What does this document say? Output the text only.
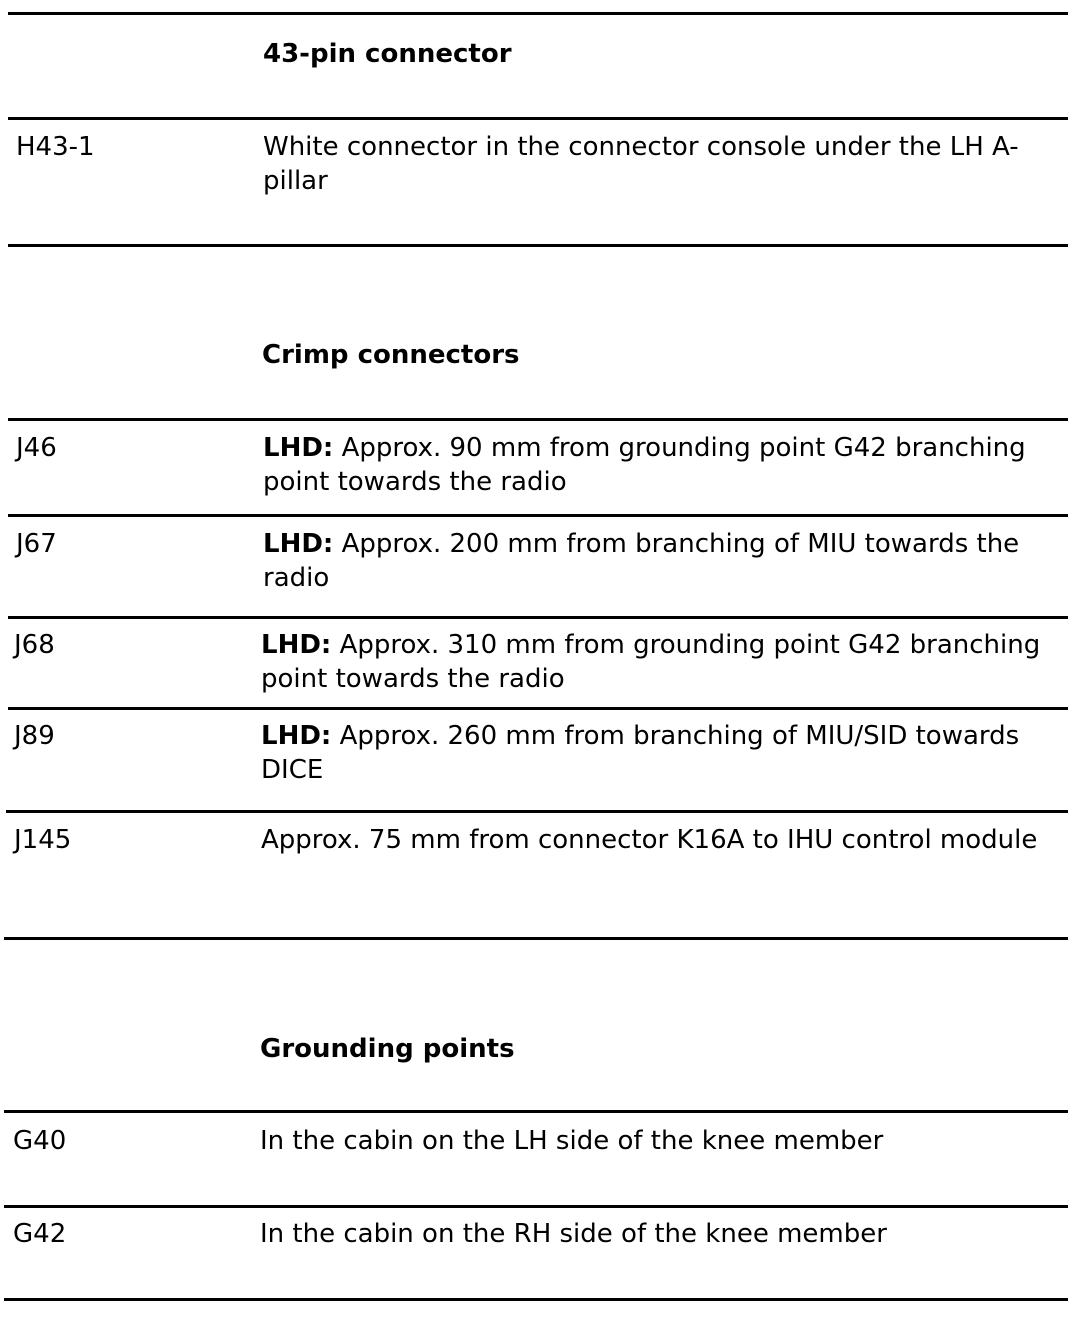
43-pin connector
H43-1	White connector in the connector console under the LH A-pillar
Crimp connectors
J46	LHD: Approx. 90 mm from grounding point G42 branching point towards the radio
J67	LHD: Approx. 200 mm from branching of MIU towards the radio
J68	LHD: Approx. 310 mm from grounding point G42 branching point towards the radio
J89	LHD: Approx. 260 mm from branching of MIU/SID towards DICE
J145	Approx. 75 mm from connector K16A to IHU control module
Grounding points
G40	In the cabin on the LH side of the knee member
G42	In the cabin on the RH side of the knee member
